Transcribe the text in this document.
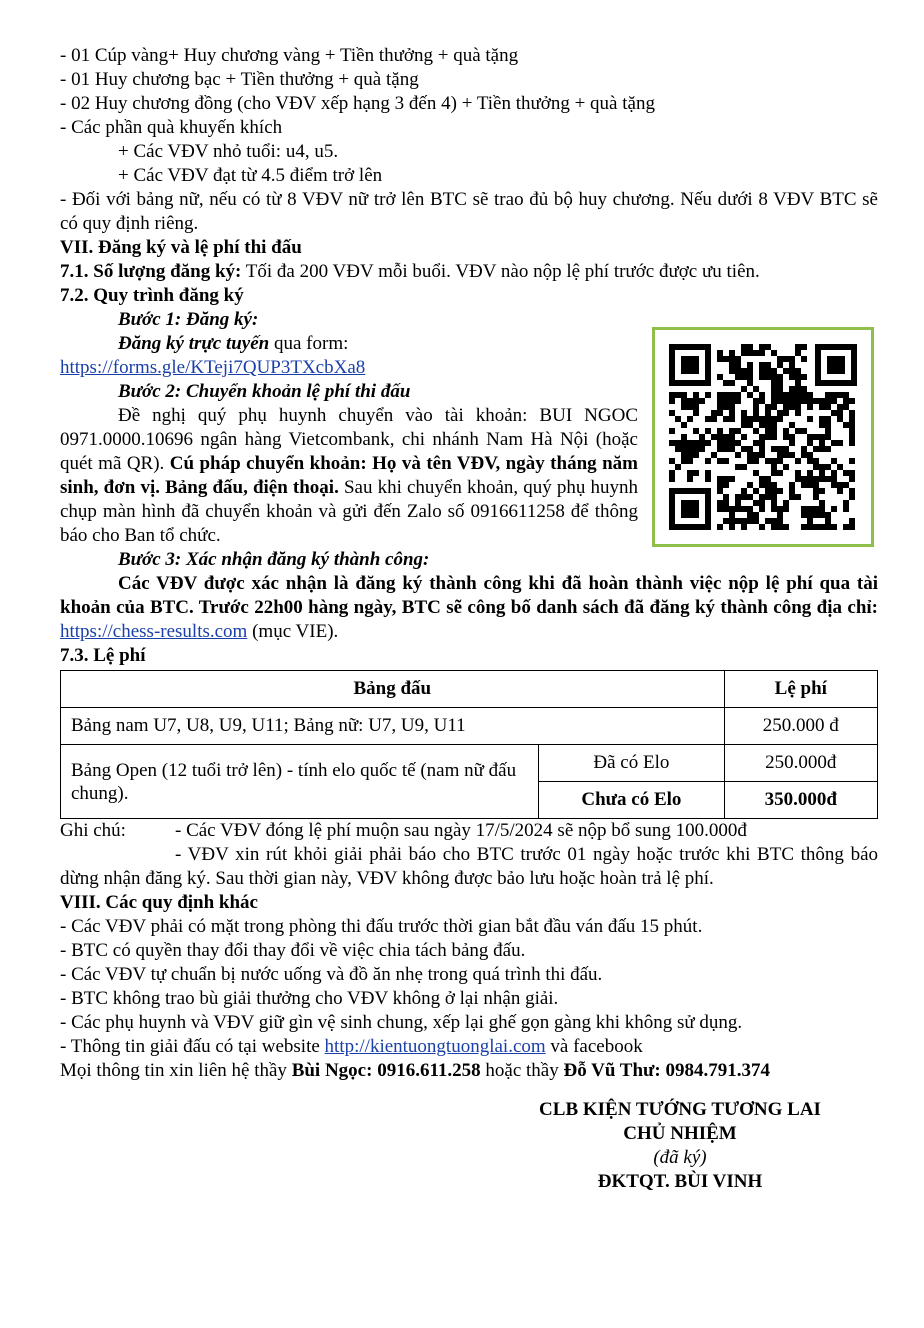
- 01 Cúp vàng+ Huy chương vàng + Tiền thưởng + quà tặng
- 01 Huy chương bạc + Tiền thưởng + quà tặng
- 02 Huy chương đồng (cho VĐV xếp hạng 3 đến 4) + Tiền thưởng + quà tặng
- Các phần quà khuyến khích
+ Các VĐV nhỏ tuổi: u4, u5.
+ Các VĐV đạt từ 4.5 điểm trở lên
- Đối với bảng nữ, nếu có từ 8 VĐV nữ trở lên BTC sẽ trao đủ bộ huy chương. Nếu dưới 8 VĐV BTC sẽ có quy định riêng.
VII. Đăng ký và lệ phí thi đấu
7.1. Số lượng đăng ký: Tối đa 200 VĐV mỗi buổi. VĐV nào nộp lệ phí trước được ưu tiên.
7.2. Quy trình đăng ký
Bước 1: Đăng ký:
Đăng ký trực tuyến qua form:
https://forms.gle/KTeji7QUP3TXcbXa8
Bước 2: Chuyển khoản lệ phí thi đấu
Đề nghị quý phụ huynh chuyển vào tài khoản: BUI NGOC 0971.0000.10696 ngân hàng Vietcombank, chi nhánh Nam Hà Nội (hoặc quét mã QR). Cú pháp chuyển khoản: Họ và tên VĐV, ngày tháng năm sinh, đơn vị. Bảng đấu, điện thoại. Sau khi chuyển khoản, quý phụ huynh chụp màn hình đã chuyển khoản và gửi đến Zalo số 0916611258 để thông báo cho Ban tổ chức.
Bước 3: Xác nhận đăng ký thành công:
Các VĐV được xác nhận là đăng ký thành công khi đã hoàn thành việc nộp lệ phí qua tài khoản của BTC. Trước 22h00 hàng ngày, BTC sẽ công bố danh sách đã đăng ký thành công địa chỉ: https://chess-results.com (mục VIE).
7.3. Lệ phí
Bảng đấu		Lệ phí
Bảng nam U7, U8, U9, U11; Bảng nữ: U7, U9, U11		250.000 đ
Bảng Open (12 tuổi trở lên) - tính elo quốc tế (nam nữ đấu chung).	Đã có Elo	250.000đ
	Chưa có Elo	350.000đ
Ghi chú:	- Các VĐV đóng lệ phí muộn sau ngày 17/5/2024 sẽ nộp bổ sung 100.000đ
- VĐV xin rút khỏi giải phải báo cho BTC trước 01 ngày hoặc trước khi BTC thông báo dừng nhận đăng ký. Sau thời gian này, VĐV không được bảo lưu hoặc hoàn trả lệ phí.
VIII. Các quy định khác
- Các VĐV phải có mặt trong phòng thi đấu trước thời gian bắt đầu ván đấu 15 phút.
- BTC có quyền thay đổi thay đổi về việc chia tách bảng đấu.
- Các VĐV tự chuẩn bị nước uống và đồ ăn nhẹ trong quá trình thi đấu.
- BTC không trao bù giải thưởng cho VĐV không ở lại nhận giải.
- Các phụ huynh và VĐV giữ gìn vệ sinh chung, xếp lại ghế gọn gàng khi không sử dụng.
- Thông tin giải đấu có tại website http://kientuongtuonglai.com và facebook
Mọi thông tin xin liên hệ thầy Bùi Ngọc: 0916.611.258 hoặc thầy Đỗ Vũ Thư: 0984.791.374
CLB KIỆN TƯỚNG TƯƠNG LAI
CHỦ NHIỆM
(đã ký)
ĐKTQT. BÙI VINH
